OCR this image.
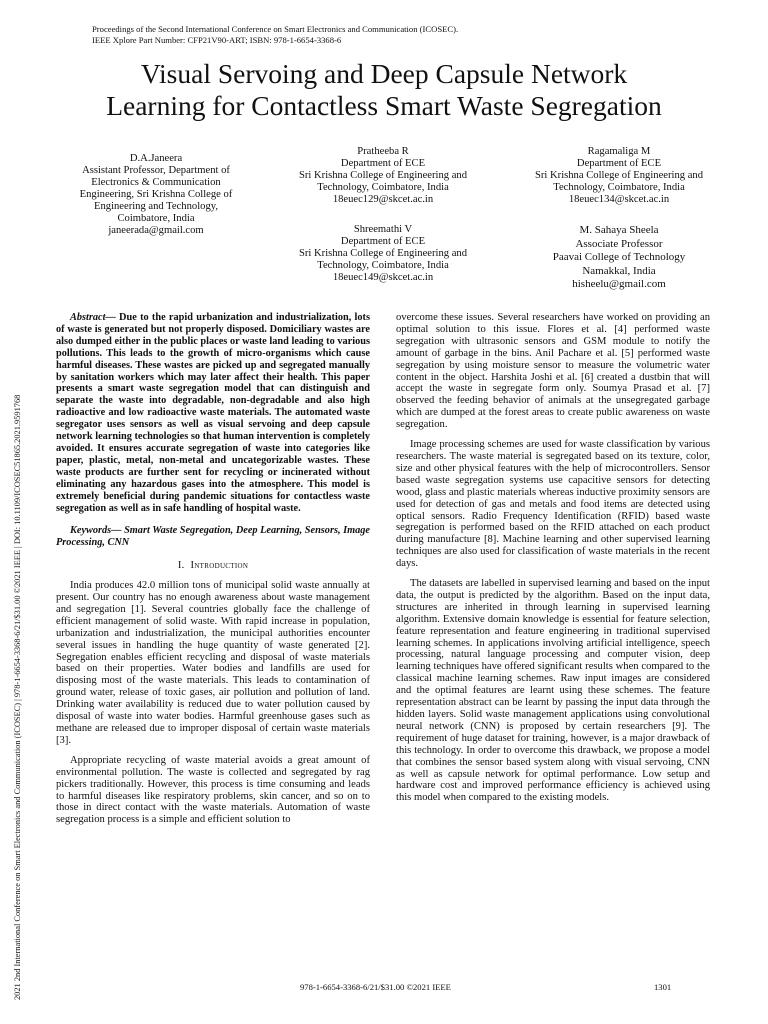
Proceedings of the Second International Conference on Smart Electronics and Communication (ICOSEC).
IEEE Xplore Part Number: CFP21V90-ART; ISBN: 978-1-6654-3368-6
2021 2nd International Conference on Smart Electronics and Communication (ICOSEC) | 978-1-6654-3368-6/21/$31.00 ©2021 IEEE | DOI: 10.1109/ICOSEC51865.2021.9591768
Visual Servoing and Deep Capsule Network
Learning for Contactless Smart Waste Segregation
D.A.Janeera
Assistant Professor, Department of
Electronics & Communication
Engineering, Sri Krishna College of
Engineering and Technology,
Coimbatore, India
janeerada@gmail.com
Pratheeba R
Department of ECE
Sri Krishna College of Engineering and
Technology, Coimbatore, India
18euec129@skcet.ac.in
Ragamaliga M
Department of ECE
Sri Krishna College of Engineering and
Technology, Coimbatore, India
18euec134@skcet.ac.in
Shreemathi V
Department of ECE
Sri Krishna College of Engineering and
Technology, Coimbatore, India
18euec149@skcet.ac.in
M. Sahaya Sheela
Associate Professor
Paavai College of Technology
Namakkal, India
hisheelu@gmail.com

Abstract— Due to the rapid urbanization and industrialization, lots of waste is generated but not properly disposed. Domiciliary wastes are also dumped either in the public places or waste land leading to various pollutions. This leads to the growth of micro-organisms which cause harmful diseases. These wastes are picked up and segregated manually by sanitation workers which may later affect their health. This paper presents a smart waste segregation model that can distinguish and separate the waste into degradable, non-degradable and also high radioactive and low radioactive waste materials. The automated waste segregator uses sensors as well as visual servoing and deep capsule network learning technologies so that human intervention is completely avoided. It ensures accurate segregation of waste into categories like paper, plastic, metal, non-metal and uncategorizable wastes. These waste products are further sent for recycling or incinerated without eliminating any hazardous gases into the atmosphere. This model is extremely beneficial during pandemic situations for contactless waste segregation as well as in safe handling of hospital waste.

Keywords— Smart Waste Segregation, Deep Learning, Sensors, Image Processing, CNN

I. Introduction

India produces 42.0 million tons of municipal solid waste annually at present. Our country has no enough awareness about waste management and segregation [1]. Several countries globally face the challenge of efficient management of solid waste. With rapid increase in population, urbanization and industrialization, the municipal authorities encounter several issues in handling the huge quantity of waste generated [2]. Segregation enables efficient recycling and disposal of waste materials based on their properties. Water bodies and landfills are used for disposing most of the waste materials. This leads to contamination of ground water, release of toxic gases, air pollution and pollution of land. Drinking water availability is reduced due to water pollution caused by disposal of waste into water bodies. Harmful greenhouse gases such as methane are released due to improper disposal of certain waste materials [3].

Appropriate recycling of waste material avoids a great amount of environmental pollution. The waste is collected and segregated by rag pickers traditionally. However, this process is time consuming and leads to harmful diseases like respiratory problems, skin cancer, and so on to those in direct contact with the waste materials. Automation of waste segregation process is a simple and efficient solution to

overcome these issues. Several researchers have worked on providing an optimal solution to this issue. Flores et al. [4] performed waste segregation with ultrasonic sensors and GSM module to notify the amount of garbage in the bins. Anil Pachare et al. [5] performed waste segregation by using moisture sensor to measure the volumetric water content in the object. Harshita Joshi et al. [6] created a dustbin that will accept the waste in segregate form only. Soumya Prasad et al. [7] observed the feeding behavior of animals at the unsegregated garbage which are dumped at the forest areas to create public awareness on waste segregation.

Image processing schemes are used for waste classification by various researchers. The waste material is segregated based on its texture, color, size and other physical features with the help of microcontrollers. Sensor based waste segregation systems use capacitive sensors for detecting wood, glass and plastic materials whereas inductive proximity sensors are used for detection of gas and metals and food items are detected using optical sensors. Radio Frequency Identification (RFID) based waste segregation is performed based on the RFID attached on each product during manufacture [8]. Machine learning and other supervised learning techniques are also used for classification of waste materials in the recent days.

The datasets are labelled in supervised learning and based on the input data, the output is predicted by the algorithm. Based on the input data, structures are inherited in through learning in supervised learning algorithm. Extensive domain knowledge is essential for feature selection, feature representation and feature engineering in traditional supervised learning schemes. In applications involving artificial intelligence, speech processing, natural language processing and computer vision, deep learning techniques have offered significant results when compared to the classical machine learning schemes. Raw input images are considered and the optimal features are learnt using these schemes. The feature representation abstract can be learnt by passing the input data through the hidden layers. Solid waste management applications using convolutional neural network (CNN) is proposed by certain researchers [9]. The requirement of huge dataset for training, however, is a major drawback of this technology. In order to overcome this drawback, we propose a model that combines the sensor based system along with visual servoing, CNN as well as capsule network for optimal performance. Low setup and hardware cost and improved performance efficiency is achieved using this model when compared to the existing models.

978-1-6654-3368-6/21/$31.00 ©2021 IEEE	1301
